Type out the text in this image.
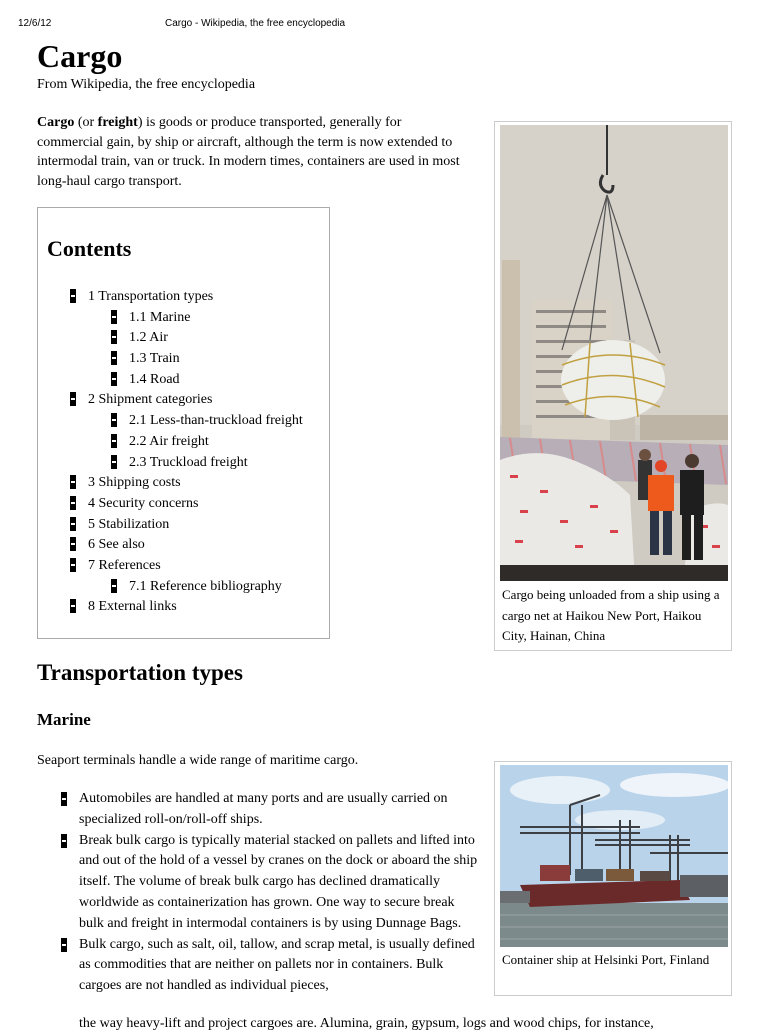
12/6/12	Cargo - Wikipedia, the free encyclopedia
Cargo
From Wikipedia, the free encyclopedia

Cargo (or freight) is goods or produce transported, generally for commercial gain, by ship or aircraft, although the term is now extended to intermodal train, van or truck. In modern times, containers are used in most long-haul cargo transport.

Contents
1 Transportation types
1.1 Marine
1.2 Air
1.3 Train
1.4 Road
2 Shipment categories
2.1 Less-than-truckload freight
2.2 Air freight
2.3 Truckload freight
3 Shipping costs
4 Security concerns
5 Stabilization
6 See also
7 References
7.1 Reference bibliography
8 External links
Cargo being unloaded from a ship using a cargo net at Haikou New Port, Haikou City, Hainan, China
Transportation types
Marine
Seaport terminals handle a wide range of maritime cargo.
Automobiles are handled at many ports and are usually carried on specialized roll-on/roll-off ships.
Break bulk cargo is typically material stacked on pallets and lifted into and out of the hold of a vessel by cranes on the dock or aboard the ship itself. The volume of break bulk cargo has declined dramatically worldwide as containerization has grown. One way to secure break bulk and freight in intermodal containers is by using Dunnage Bags.
Bulk cargo, such as salt, oil, tallow, and scrap metal, is usually defined as commodities that are neither on pallets nor in containers. Bulk cargoes are not handled as individual pieces,
Container ship at Helsinki Port, Finland
the way heavy-lift and project cargoes are. Alumina, grain, gypsum, logs and wood chips, for instance,
